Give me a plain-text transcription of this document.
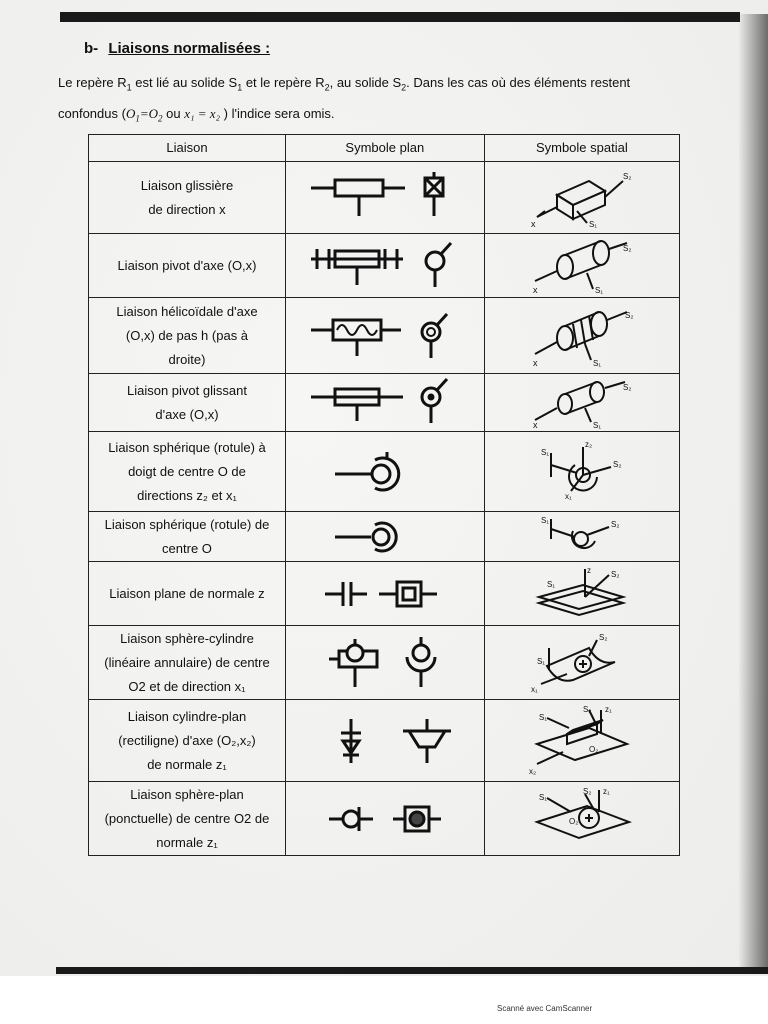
b- Liaisons normalisées :
Le repère $R_1$ est lié au solide $S_1$ et le repère $R_2$, au solide $S_2$. Dans les cas où des éléments restent
confondus ($O_1=O_2$ ou x₁ = x₂ ) l'indice sera omis.
Liaison	Symbole plan	Symbole spatial

Liaison glissière
de direction x		x
S₂
S₁

Liaison pivot d'axe (O,x)		x
S₂
S₁

Liaison hélicoïdale d'axe
(O,x) de pas h (pas à
droite)		x
S₂
S₁

Liaison pivot glissant
d'axe (O,x)		x
S₂
S₁

Liaison sphérique (rotule) à
doigt de centre O de
directions z₂ et x₁		S₁
z₂
S₂
x₁

Liaison sphérique (rotule) de
centre O		S₁ S₂

Liaison plane de normale z		z
S₁
S₂

Liaison sphère-cylindre
(linéaire annulaire) de centre
O2 et de direction x₁		S₁
S₂
x₁

Liaison cylindre-plan
(rectiligne) d'axe (O₂,x₂)
de normale z₁		S₁
S₂ z₁
O₂
x₂

Liaison sphère-plan
(ponctuelle) de centre O2 de
normale z₁		S₁
S₂ z₁
O₂
Scanné avec CamScanner
